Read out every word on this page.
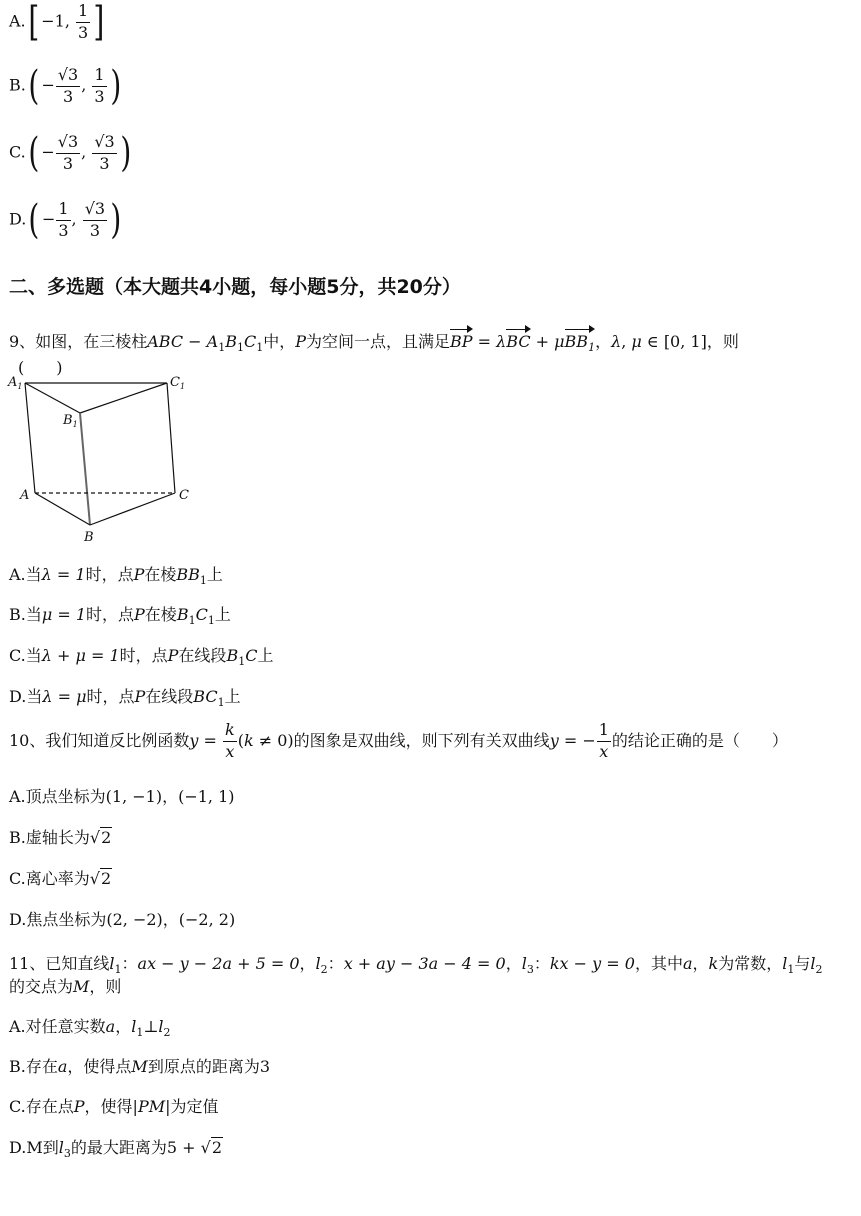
A.[ −1, $\frac{1}{3}$ ]
$B.( - \frac{√3}{3}$ , $\frac{1}{3}$ )
$C.( - \frac{√3}{3}$ , $\frac{√3}{3}$ )
$D.( - \frac{1}{3}$ , $\frac{√3}{3}$ )
二、多选题（本大题共4小题，每小题5分，共20分）
9、如图，在三棱柱ABC − $A_1B_1C_1$中，P为空间一点，且满足BP = λBC + μBB$_1$，λ, μ ∈ [0, 1]，则
(　　)
$A_1$	$C_1$
$B_1$
A	C
B
A.当λ = 1时，点P在棱$BB_1$上
B.当μ = 1时，点P在棱$B_1C_1$上
C.当λ + μ = 1时，点P在线段$B_1C$上
D.当λ = μ时，点P在线段$BC_1$上
10、我们知道反比例函数$y = \frac{k}{x} (k \ne 0)$的图象是双曲线，则下列有关双曲线y = − $\frac{1}{x}$ 的结论正确的是（　　）
A.顶点坐标为(1, −1)，(−1, 1)
B.虚轴长为√2
C.离心率为√2
D.焦点坐标为(2, −2)，(−2, 2)
11、已知直线$l_1$：ax − y − 2a + 5 = 0，$l_2$：x + ay − 3a − 4 = 0，$l_3$：kx − y = 0，其中a，k为常数，$l_1$与$l_2$
的交点为M，则
A.对任意实数a，$l_1\perp l_2$
B.存在a，使得点M到原点的距离为3
C.存在点P，使得|PM|为定值
D.M到$l_3$的最大距离为5 + √2
